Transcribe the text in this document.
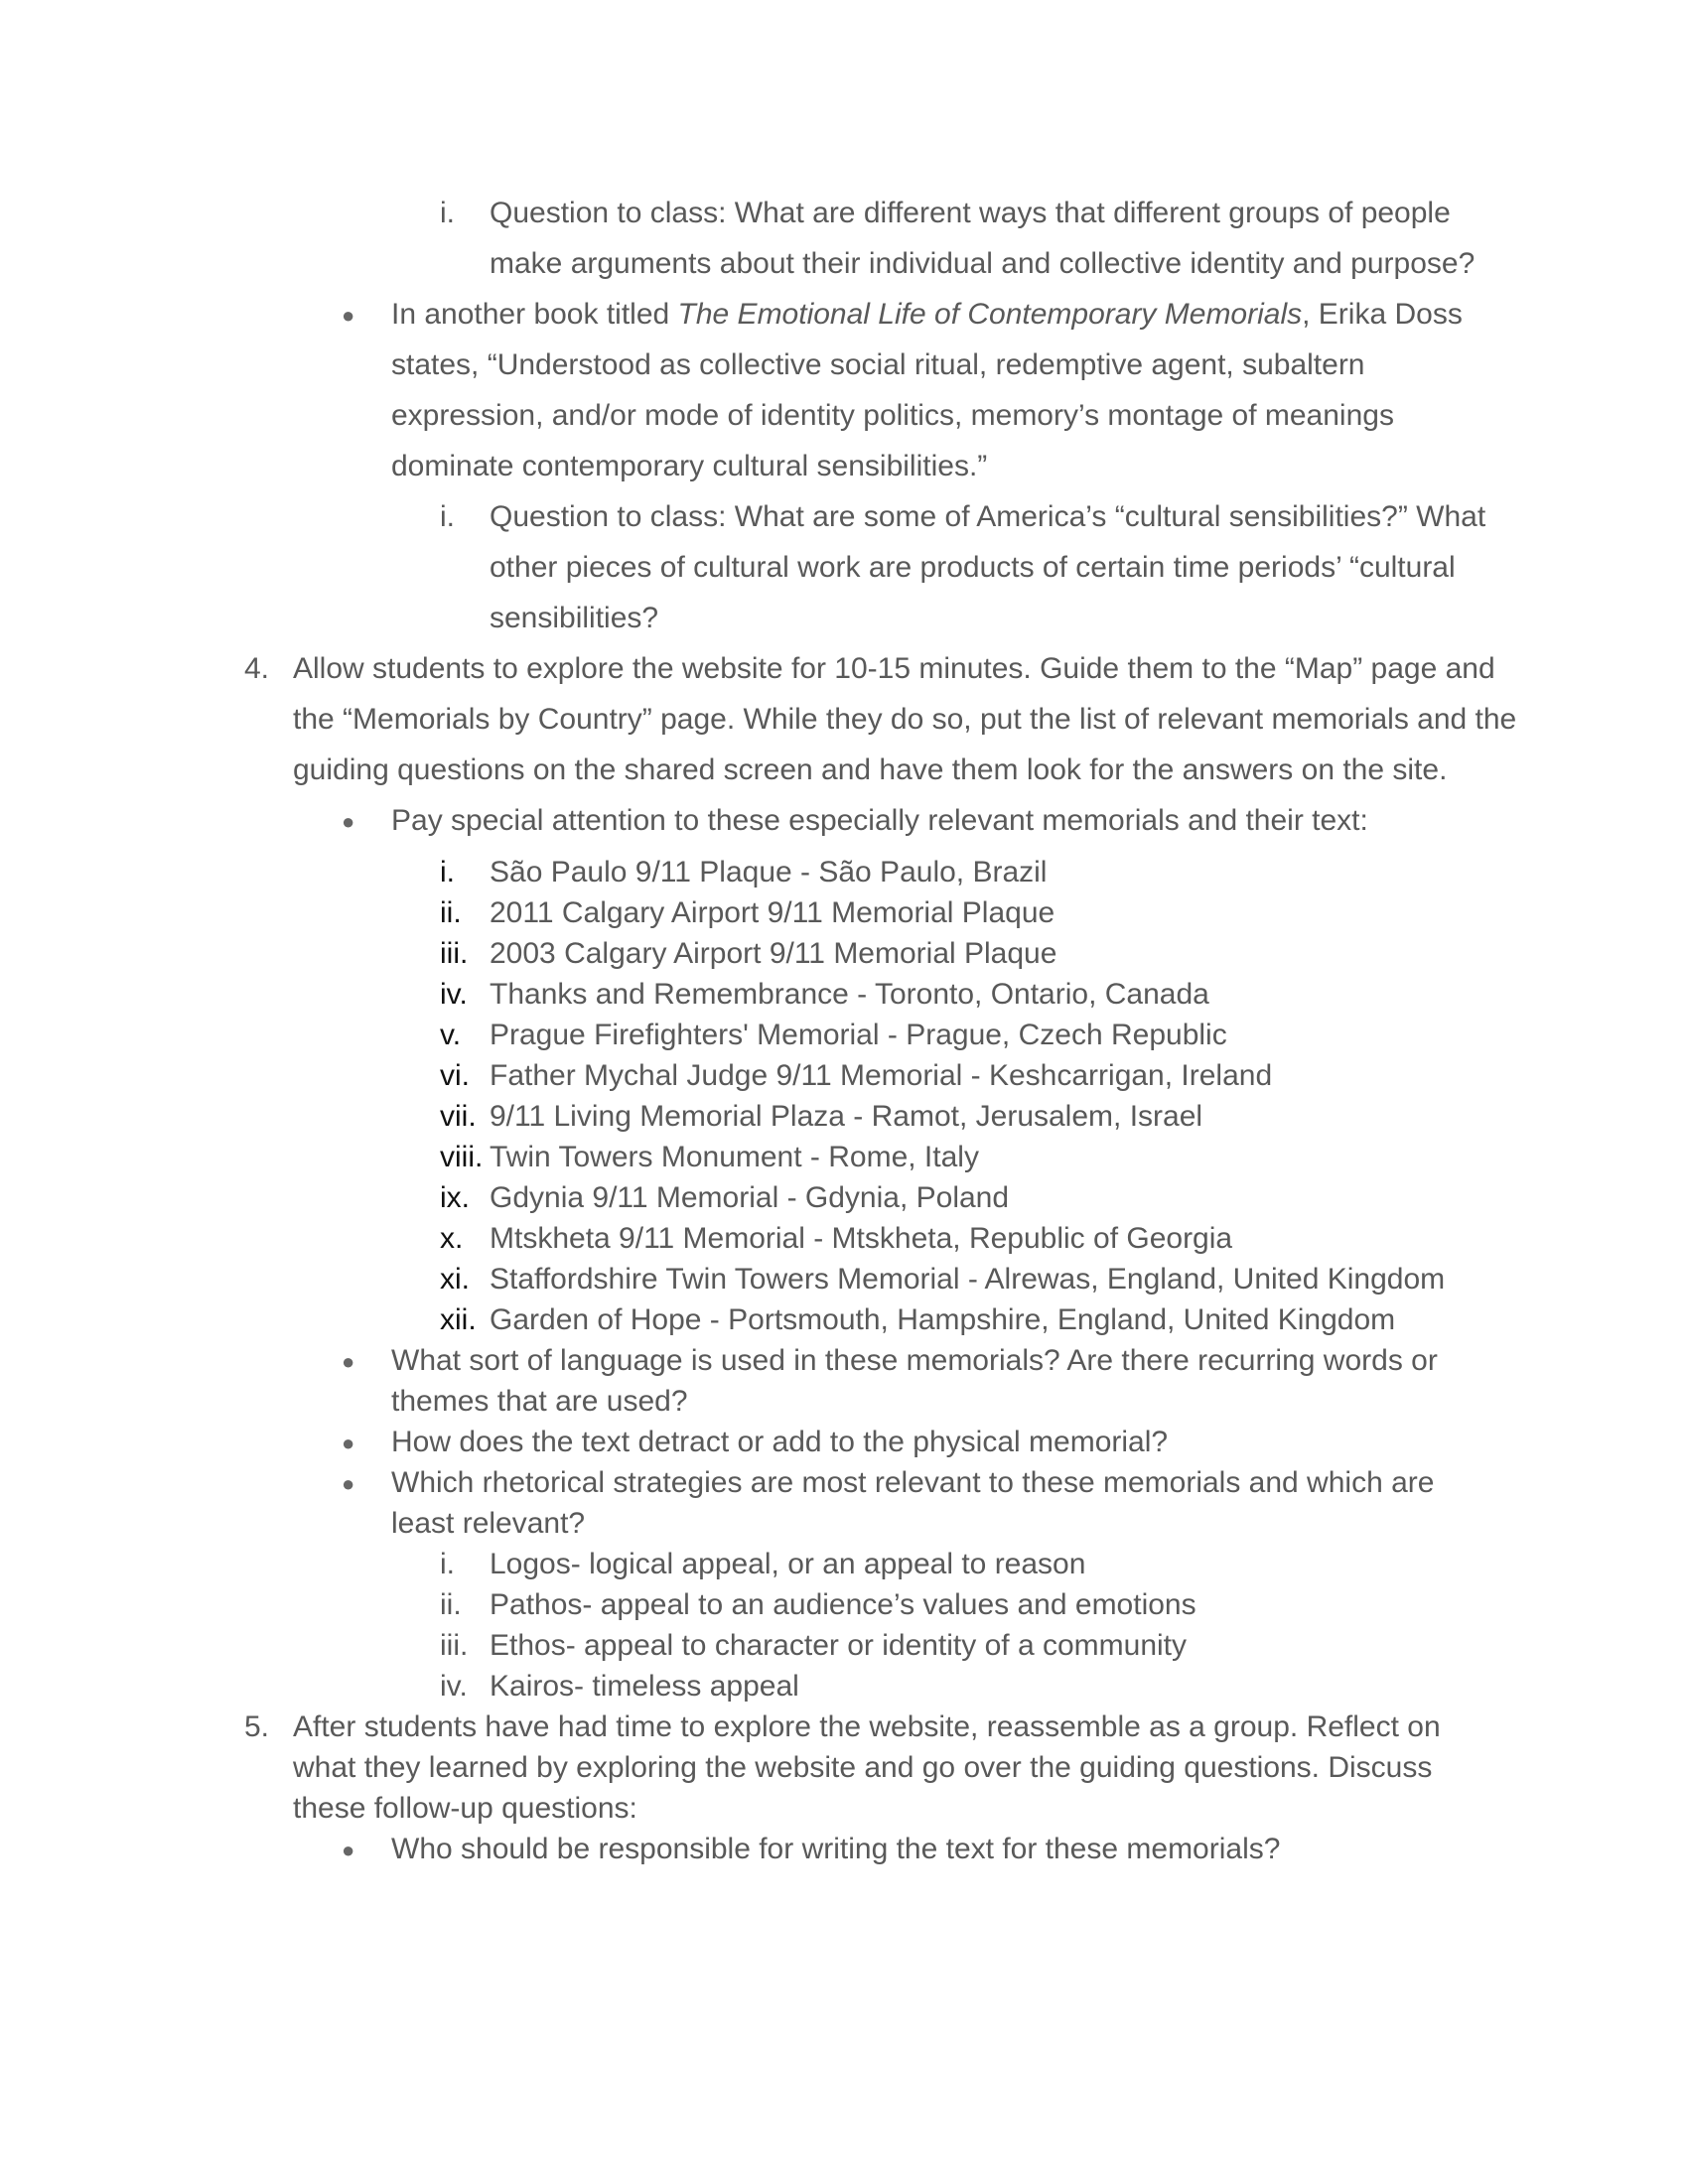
i. Question to class: What are different ways that different groups of people
make arguments about their individual and collective identity and purpose?
● In another book titled The Emotional Life of Contemporary Memorials, Erika Doss
states, “Understood as collective social ritual, redemptive agent, subaltern
expression, and/or mode of identity politics, memory’s montage of meanings
dominate contemporary cultural sensibilities.”
i. Question to class: What are some of America’s “cultural sensibilities?” What
other pieces of cultural work are products of certain time periods’ “cultural
sensibilities?
4. Allow students to explore the website for 10-15 minutes. Guide them to the “Map” page and
the “Memorials by Country” page. While they do so, put the list of relevant memorials and the
guiding questions on the shared screen and have them look for the answers on the site.
● Pay special attention to these especially relevant memorials and their text:
i. São Paulo 9/11 Plaque - São Paulo, Brazil
ii. 2011 Calgary Airport 9/11 Memorial Plaque
iii. 2003 Calgary Airport 9/11 Memorial Plaque
iv. Thanks and Remembrance - Toronto, Ontario, Canada
v. Prague Firefighters' Memorial - Prague, Czech Republic
vi. Father Mychal Judge 9/11 Memorial - Keshcarrigan, Ireland
vii. 9/11 Living Memorial Plaza - Ramot, Jerusalem, Israel
viii. Twin Towers Monument - Rome, Italy
ix. Gdynia 9/11 Memorial - Gdynia, Poland
x. Mtskheta 9/11 Memorial - Mtskheta, Republic of Georgia
xi. Staffordshire Twin Towers Memorial - Alrewas, England, United Kingdom
xii. Garden of Hope - Portsmouth, Hampshire, England, United Kingdom
● What sort of language is used in these memorials? Are there recurring words or
themes that are used?
● How does the text detract or add to the physical memorial?
● Which rhetorical strategies are most relevant to these memorials and which are
least relevant?
i. Logos- logical appeal, or an appeal to reason
ii. Pathos- appeal to an audience’s values and emotions
iii. Ethos- appeal to character or identity of a community
iv. Kairos- timeless appeal
5. After students have had time to explore the website, reassemble as a group. Reflect on
what they learned by exploring the website and go over the guiding questions. Discuss
these follow-up questions:
● Who should be responsible for writing the text for these memorials?
